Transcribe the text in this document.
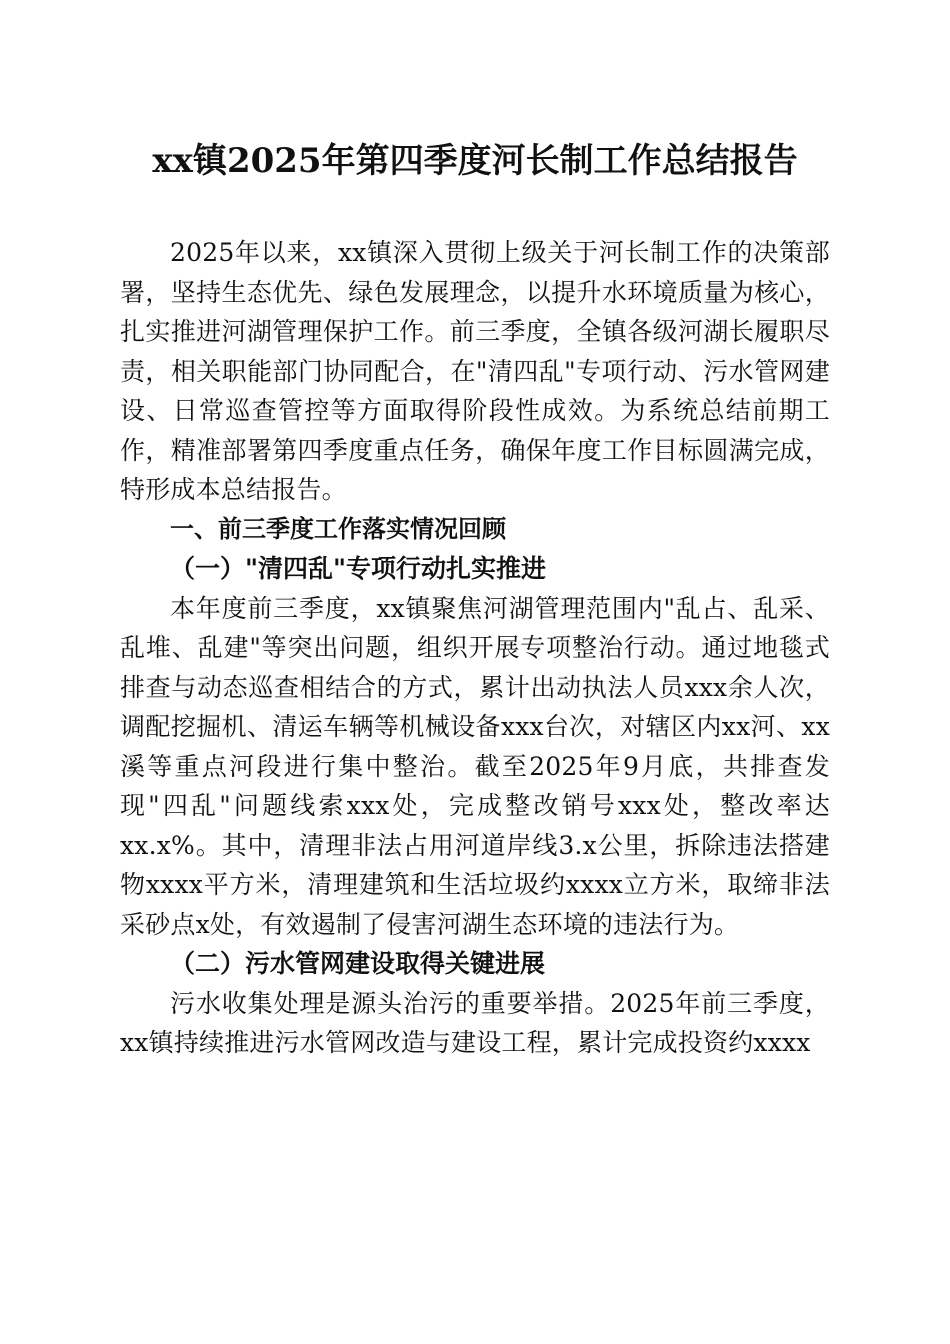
xx镇2025年第四季度河长制工作总结报告

2025年以来，xx镇深入贯彻上级关于河长制工作的决策部署，坚持生态优先、绿色发展理念，以提升水环境质量为核心，扎实推进河湖管理保护工作。前三季度，全镇各级河湖长履职尽责，相关职能部门协同配合，在"清四乱"专项行动、污水管网建设、日常巡查管控等方面取得阶段性成效。为系统总结前期工作，精准部署第四季度重点任务，确保年度工作目标圆满完成，特形成本总结报告。

一、前三季度工作落实情况回顾

（一）"清四乱"专项行动扎实推进

本年度前三季度，xx镇聚焦河湖管理范围内"乱占、乱采、乱堆、乱建"等突出问题，组织开展专项整治行动。通过地毯式排查与动态巡查相结合的方式，累计出动执法人员xxx余人次，调配挖掘机、清运车辆等机械设备xxx台次，对辖区内xx河、xx溪等重点河段进行集中整治。截至2025年9月底，共排查发现"四乱"问题线索xxx处，完成整改销号xxx处，整改率达xx.x%。其中，清理非法占用河道岸线3.x公里，拆除违法搭建物xxxx平方米，清理建筑和生活垃圾约xxxx立方米，取缔非法采砂点x处，有效遏制了侵害河湖生态环境的违法行为。

（二）污水管网建设取得关键进展

污水收集处理是源头治污的重要举措。2025年前三季度，xx镇持续推进污水管网改造与建设工程，累计完成投资约xxxx
